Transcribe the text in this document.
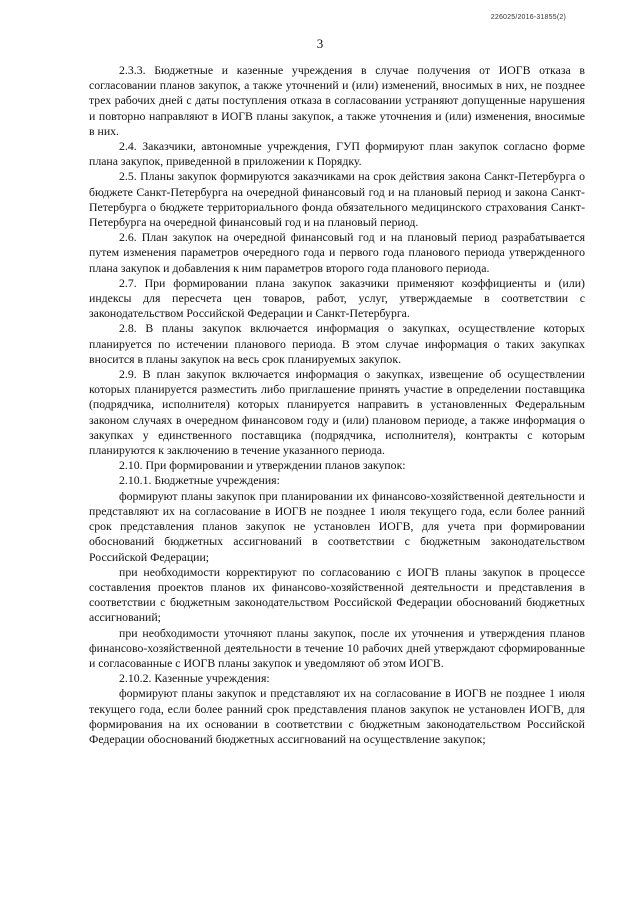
226025/2016-31855(2)
3

2.3.3. Бюджетные и казенные учреждения в случае получения от ИОГВ отказа в согласовании планов закупок, а также уточнений и (или) изменений, вносимых в них, не позднее трех рабочих дней с даты поступления отказа в согласовании устраняют допущенные нарушения и повторно направляют в ИОГВ планы закупок, а также уточнения и (или) изменения, вносимые в них.

2.4. Заказчики, автономные учреждения, ГУП формируют план закупок согласно форме плана закупок, приведенной в приложении к Порядку.

2.5. Планы закупок формируются заказчиками на срок действия закона Санкт-Петербурга о бюджете Санкт-Петербурга на очередной финансовый год и на плановый период и закона Санкт-Петербурга о бюджете территориального фонда обязательного медицинского страхования Санкт-Петербурга на очередной финансовый год и на плановый период.

2.6. План закупок на очередной финансовый год и на плановый период разрабатывается путем изменения параметров очередного года и первого года планового периода утвержденного плана закупок и добавления к ним параметров второго года планового периода.

2.7. При формировании плана закупок заказчики применяют коэффициенты и (или) индексы для пересчета цен товаров, работ, услуг, утверждаемые в соответствии с законодательством Российской Федерации и Санкт-Петербурга.

2.8. В планы закупок включается информация о закупках, осуществление которых планируется по истечении планового периода. В этом случае информация о таких закупках вносится в планы закупок на весь срок планируемых закупок.

2.9. В план закупок включается информация о закупках, извещение об осуществлении которых планируется разместить либо приглашение принять участие в определении поставщика (подрядчика, исполнителя) которых планируется направить в установленных Федеральным законом случаях в очередном финансовом году и (или) плановом периоде, а также информация о закупках у единственного поставщика (подрядчика, исполнителя), контракты с которым планируются к заключению в течение указанного периода.

2.10. При формировании и утверждении планов закупок:

2.10.1. Бюджетные учреждения:

формируют планы закупок при планировании их финансово-хозяйственной деятельности и представляют их на согласование в ИОГВ не позднее 1 июля текущего года, если более ранний срок представления планов закупок не установлен ИОГВ, для учета при формировании обоснований бюджетных ассигнований в соответствии с бюджетным законодательством Российской Федерации;

при необходимости корректируют по согласованию с ИОГВ планы закупок в процессе составления проектов планов их финансово-хозяйственной деятельности и представления в соответствии с бюджетным законодательством Российской Федерации обоснований бюджетных ассигнований;

при необходимости уточняют планы закупок, после их уточнения и утверждения планов финансово-хозяйственной деятельности в течение 10 рабочих дней утверждают сформированные и согласованные с ИОГВ планы закупок и уведомляют об этом ИОГВ.

2.10.2. Казенные учреждения:

формируют планы закупок и представляют их на согласование в ИОГВ не позднее 1 июля текущего года, если более ранний срок представления планов закупок не установлен ИОГВ, для формирования на их основании в соответствии с бюджетным законодательством Российской Федерации обоснований бюджетных ассигнований на осуществление закупок;
